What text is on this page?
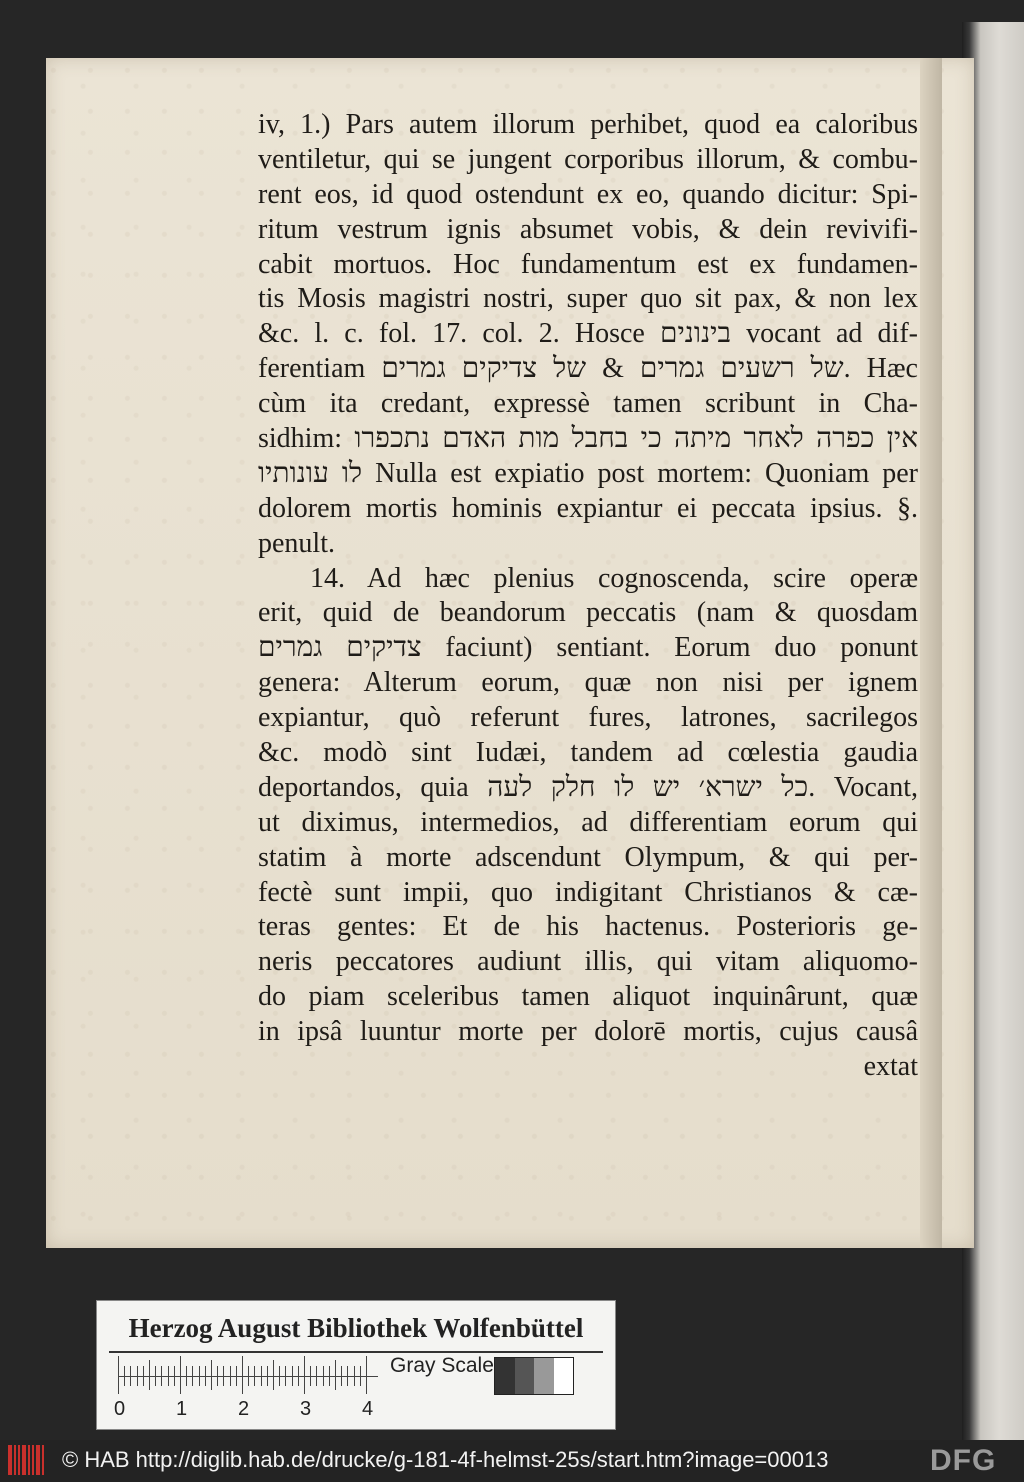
iv, 1.) Pars autem illorum perhibet, quod ea caloribus
ventiletur, qui se jungent corporibus illorum, & combu-
rent eos, id quod ostendunt ex eo, quando dicitur: Spi-
ritum vestrum ignis absumet vobis, & dein revivifi-
cabit mortuos. Hoc fundamentum est ex fundamen-
tis Mosis magistri nostri, super quo sit pax, & non lex
&c. l. c. fol. 17. col. 2. Hosce בינונים vocant ad dif-
ferentiam של רשעים גמרים & של צדיקים גמרים. Hæc
cùm ita credant, expressè tamen scribunt in Cha-
sidhim: אין כפרה לאחר מיתה כי בחבל מות האדם נתכפרו
לו עונותיו Nulla est expiatio post mortem: Quoniam per
dolorem mortis hominis expiantur ei peccata ipsius. §.
penult.
14. Ad hæc plenius cognoscenda, scire operæ
erit, quid de beandorum peccatis (nam & quosdam
צדיקים גמרים faciunt) sentiant. Eorum duo ponunt
genera: Alterum eorum, quæ non nisi per ignem
expiantur, quò referunt fures, latrones, sacrilegos
&c. modò sint Iudæi, tandem ad cœlestia gaudia
deportandos, quia כל ישרא׳ יש לו חלק לעה. Vocant,
ut diximus, intermedios, ad differentiam eorum qui
statim à morte adscendunt Olympum, & qui per-
fectè sunt impii, quo indigitant Christianos & cæ-
teras gentes: Et de his hactenus. Posterioris ge-
neris peccatores audiunt illis, qui vitam aliquomo-
do piam sceleribus tamen aliquot inquinârunt, quæ
in ipsâ luuntur morte per dolorē mortis, cujus causâ
extat
Herzog August Bibliothek Wolfenbüttel
0	1	2	3	4
Gray Scale
© HAB http://diglib.hab.de/drucke/g-181-4f-helmst-25s/start.htm?image=00013	DFG
